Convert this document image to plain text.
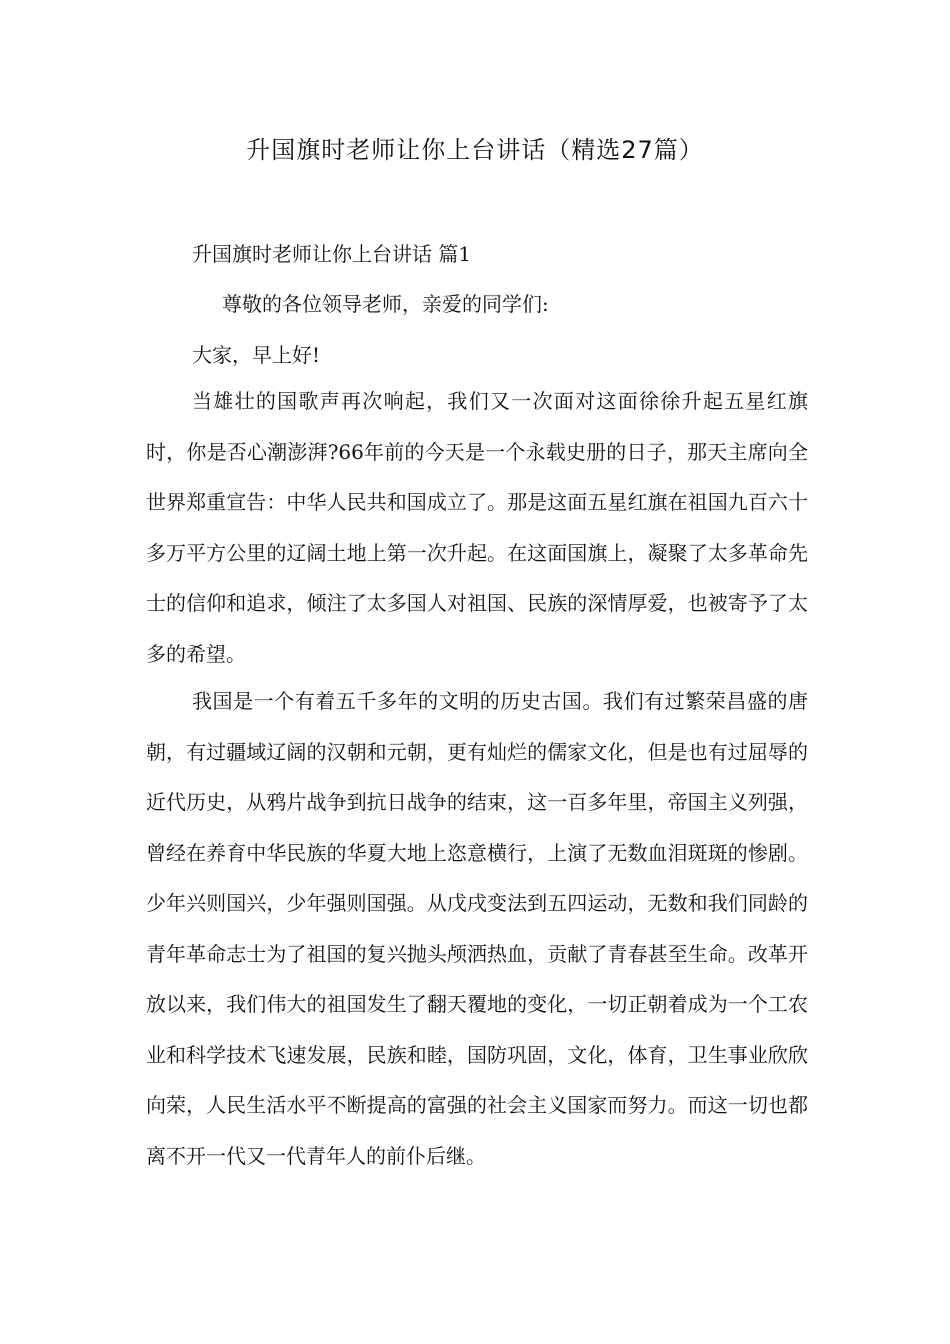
升国旗时老师让你上台讲话（精选27篇）

升国旗时老师让你上台讲话 篇1

尊敬的各位领导老师，亲爱的同学们:

大家，早上好!

当雄壮的国歌声再次响起，我们又一次面对这面徐徐升起五星红旗时，你是否心潮澎湃?66年前的今天是一个永载史册的日子，那天主席向全世界郑重宣告：中华人民共和国成立了。那是这面五星红旗在祖国九百六十多万平方公里的辽阔土地上第一次升起。在这面国旗上，凝聚了太多革命先士的信仰和追求，倾注了太多国人对祖国、民族的深情厚爱，也被寄予了太多的希望。

我国是一个有着五千多年的文明的历史古国。我们有过繁荣昌盛的唐朝，有过疆域辽阔的汉朝和元朝，更有灿烂的儒家文化，但是也有过屈辱的近代历史，从鸦片战争到抗日战争的结束，这一百多年里，帝国主义列强，曾经在养育中华民族的华夏大地上恣意横行，上演了无数血泪斑斑的惨剧。少年兴则国兴，少年强则国强。从戊戌变法到五四运动，无数和我们同龄的青年革命志士为了祖国的复兴抛头颅洒热血，贡献了青春甚至生命。改革开放以来，我们伟大的祖国发生了翻天覆地的变化，一切正朝着成为一个工农业和科学技术飞速发展，民族和睦，国防巩固，文化，体育，卫生事业欣欣向荣，人民生活水平不断提高的富强的社会主义国家而努力。而这一切也都离不开一代又一代青年人的前仆后继。
